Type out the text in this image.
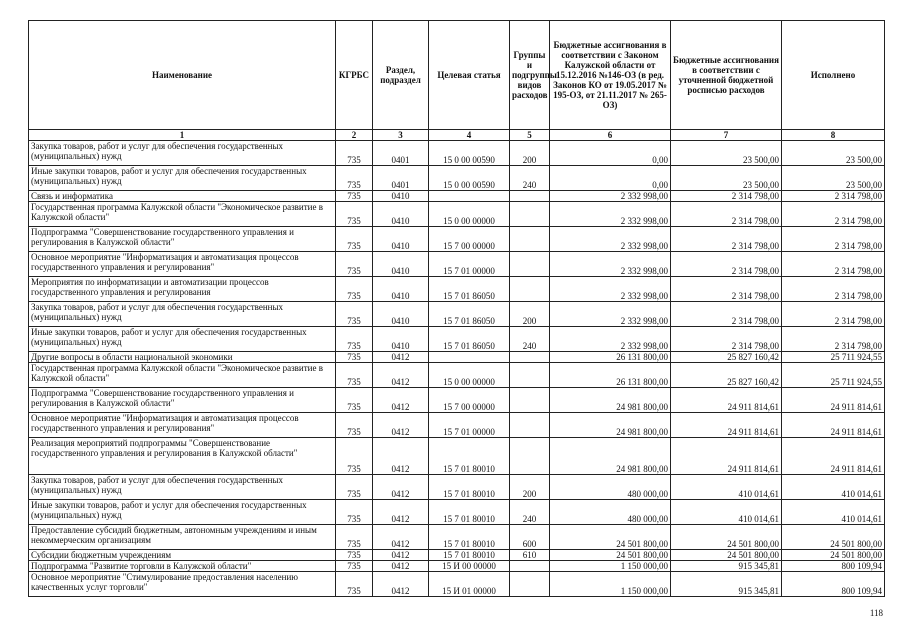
Наименование	КГРБС	Раздел, подраздел	Целевая статья	Группы и подгруппы видов расходов	Бюджетные ассигнования в соответствии с Законом Калужской области от 15.12.2016 №146-ОЗ (в ред. Законов КО от 19.05.2017 № 195-ОЗ, от 21.11.2017 № 265-ОЗ)	Бюджетные ассигнования в соответствии с уточненной бюджетной росписью расходов	Исполнено
1	2	3	4	5	6	7	8
Закупка товаров, работ и услуг для обеспечения государственных (муниципальных) нужд	735	0401	15 0 00 00590	200	0,00	23 500,00	23 500,00
Иные закупки товаров, работ и услуг для обеспечения государственных (муниципальных) нужд	735	0401	15 0 00 00590	240	0,00	23 500,00	23 500,00
Связь и информатика	735	0410			2 332 998,00	2 314 798,00	2 314 798,00
Государственная программа Калужской области "Экономическое развитие в Калужской области"	735	0410	15 0 00 00000		2 332 998,00	2 314 798,00	2 314 798,00
Подпрограмма "Совершенствование государственного управления и регулирования в Калужской области"	735	0410	15 7 00 00000		2 332 998,00	2 314 798,00	2 314 798,00
Основное мероприятие "Информатизация и автоматизация процессов государственного управления и регулирования"	735	0410	15 7 01 00000		2 332 998,00	2 314 798,00	2 314 798,00
Мероприятия по информатизации и автоматизации процессов государственного управления и регулирования	735	0410	15 7 01 86050		2 332 998,00	2 314 798,00	2 314 798,00
Закупка товаров, работ и услуг для обеспечения государственных (муниципальных) нужд	735	0410	15 7 01 86050	200	2 332 998,00	2 314 798,00	2 314 798,00
Иные закупки товаров, работ и услуг для обеспечения государственных (муниципальных) нужд	735	0410	15 7 01 86050	240	2 332 998,00	2 314 798,00	2 314 798,00
Другие вопросы в области национальной экономики	735	0412			26 131 800,00	25 827 160,42	25 711 924,55
Государственная программа Калужской области "Экономическое развитие в Калужской области"	735	0412	15 0 00 00000		26 131 800,00	25 827 160,42	25 711 924,55
Подпрограмма "Совершенствование государственного управления и регулирования в Калужской области"	735	0412	15 7 00 00000		24 981 800,00	24 911 814,61	24 911 814,61
Основное мероприятие "Информатизация и автоматизация процессов государственного управления и регулирования"	735	0412	15 7 01 00000		24 981 800,00	24 911 814,61	24 911 814,61
Реализация мероприятий подпрограммы "Совершенствование государственного управления и регулирования в Калужской области"	735	0412	15 7 01 80010		24 981 800,00	24 911 814,61	24 911 814,61
Закупка товаров, работ и услуг для обеспечения государственных (муниципальных) нужд	735	0412	15 7 01 80010	200	480 000,00	410 014,61	410 014,61
Иные закупки товаров, работ и услуг для обеспечения государственных (муниципальных) нужд	735	0412	15 7 01 80010	240	480 000,00	410 014,61	410 014,61
Предоставление субсидий бюджетным, автономным учреждениям и иным некоммерческим организациям	735	0412	15 7 01 80010	600	24 501 800,00	24 501 800,00	24 501 800,00
Субсидии бюджетным учреждениям	735	0412	15 7 01 80010	610	24 501 800,00	24 501 800,00	24 501 800,00
Подпрограмма "Развитие торговли в Калужской области"	735	0412	15 И 00 00000		1 150 000,00	915 345,81	800 109,94
Основное мероприятие "Стимулирование предоставления населению качественных услуг торговли"	735	0412	15 И 01 00000		1 150 000,00	915 345,81	800 109,94
118
